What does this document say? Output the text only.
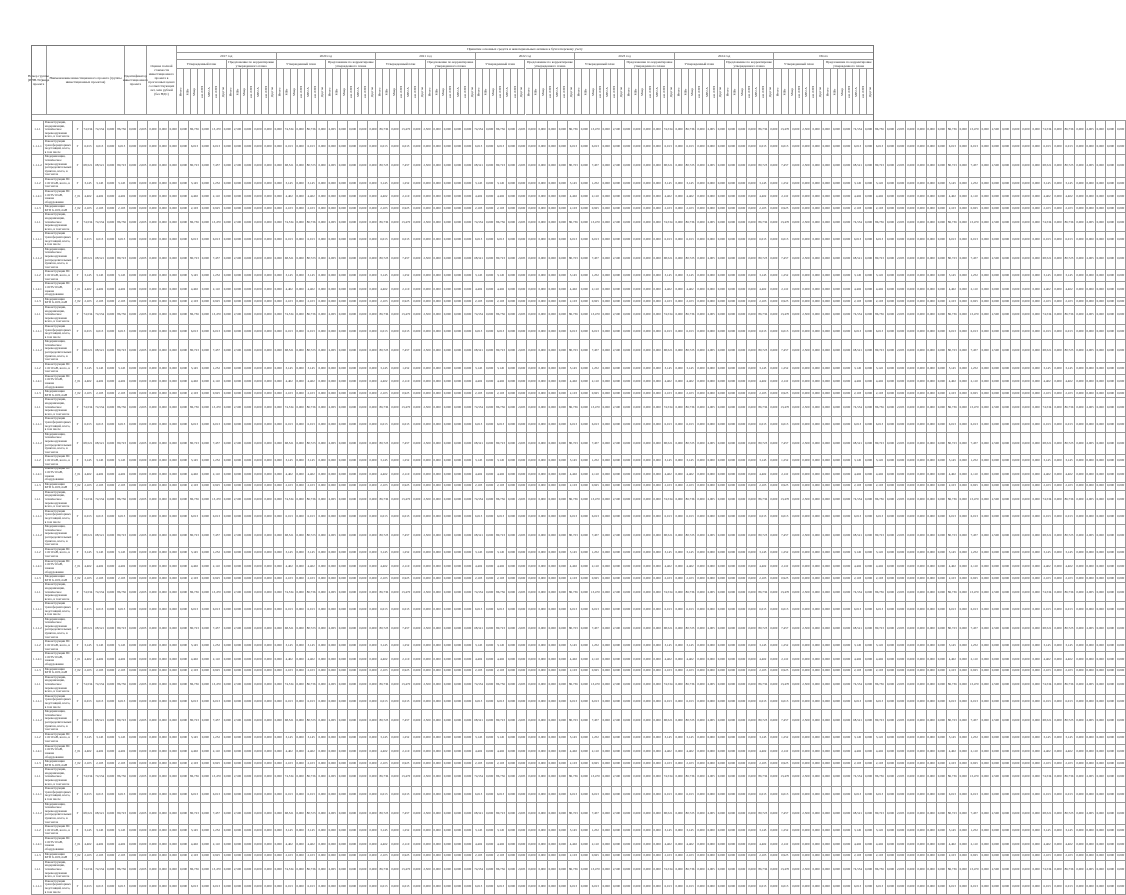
Номер группы (ИНВ.ТО)вида проекта
Наименование инвестиционного проекта (группы инвестиционных проектов)
Идентификатор инвестиционного проекта
Оценка полной стоимости инвестиционного проекта в прогнозных ценах соответствующих лет, млн рублей (без НДС)
Принятие основных средств и нематериальных активов к бухгалтерскому учету
2017 год
Утвержденный план	Предложение по корректировке утвержденного плана
Итого МВт Мвар км ЛЭП МВ×А км ЛЭП Другое Итого МВт Мвар км ЛЭП МВ×А км ЛЭП Другое
2020 год
Утвержденный план	Предложение по корректировке утвержденного плана
Итого МВт Мвар км ЛЭП МВ×А км ЛЭП Другое Итого МВт Мвар км ЛЭП МВ×А км ЛЭП Другое
2021 год
Утвержденный план	Предложение по корректировке утвержденного плана
Итого МВт Мвар км ЛЭП МВ×А км ЛЭП Другое Итого МВт Мвар км ЛЭП МВ×А км ЛЭП Другое
2022 год
Утвержденный план	Предложение по корректировке утвержденного плана
Итого МВт Мвар км ЛЭП МВ×А км ЛЭП Другое Итого МВт Мвар км ЛЭП МВ×А км ЛЭП Другое
2023 год
Утвержденный план	Предложение по корректировке утвержденного плана
Итого МВт Мвар км ЛЭП МВ×А км ЛЭП Другое Итого МВт Мвар км ЛЭП МВ×А км ЛЭП Другое
2024 год
Утвержденный план	Предложение по корректировке утвержденного плана
Итого МВт Мвар км ЛЭП МВ×А км ЛЭП Другое Итого МВт Мвар км ЛЭП МВ×А км ЛЭП Другое
Итого
Утвержденный план	Предложение по корректировке утвержденного плана
Итого МВт Мвар км ЛЭП МВ×А км ЛЭП Другое Итого МВт Мвар км ЛЭП МВ×А км ЛЭП Другое
1.1.1	Реконструкция, модернизация, техническое перевооружение всего, в том числе	Г	74,534	74,534	0,000	86,736	0,000	2,005	0,000	0,000	0,000	0,000	86,736	0,000	13,470	0,000	2,500	0,000	0,000	0,000	0,000	74,534	0,000	86,736	0,000	2,005	0,000	0,000	0,000	0,000	86,736	0,000	13,470	0,000	2,500	0,000	0,000	0,000	0,000	74,534	0,000	86,736	0,000	2,005	0,000	0,000	0,000	0,000	86,736	0,000	13,470	0,000	2,500	0,000	0,000	0,000	0,000	74,534	0,000	86,736	0,000	2,005	0,000	0,000	0,000	0,000	86,736	0,000	13,470	0,000	2,500	0,000	0,000	0,000	0,000	74,534	0,000	86,736	0,000	2,005	0,000	0,000	0,000	0,000	86,736	0,000	13,470	0,000	2,500	0,000	0,000	0,000	0,000	74,534	0,000	86,736	0,000	2,005	0,000	0,000	0,000
1.1.1.1	Реконструкция трансформаторных подстанций, всего, в том числе	Г	6,013	6,013	0,000	6,013	0,000	0,000	0,000	0,000	0,000	0,000	6,013	0,000	6,013	0,000	0,000	0,000	0,000	0,000	0,000	6,013	0,000	6,013	0,000	0,000	0,000	0,000	0,000	0,000	6,013	0,000	6,013	0,000	0,000	0,000	0,000	0,000	0,000	6,013	0,000	6,013	0,000	0,000	0,000	0,000	0,000	0,000	6,013	0,000	6,013	0,000	0,000	0,000	0,000	0,000	0,000	6,013	0,000	6,013	0,000	0,000	0,000	0,000	0,000	0,000	6,013	0,000	6,013	0,000	0,000	0,000	0,000	0,000	0,000	6,013	0,000	6,013	0,000	0,000	0,000	0,000	0,000	0,000	6,013	0,000	6,013	0,000	0,000	0,000	0,000	0,000	0,000	6,013	0,000	6,013	0,000	0,000	0,000	0,000	0,000
1.1.1.2	Модернизация, техническое перевооружение распределительных пунктов, всего, в том числе	Г	68,521	68,521	0,000	80,723	0,000	2,005	0,000	0,000	0,000	0,000	80,723	0,000	7,457	0,000	2,500	0,000	0,000	0,000	0,000	68,521	0,000	80,723	0,000	2,005	0,000	0,000	0,000	0,000	80,723	0,000	7,457	0,000	2,500	0,000	0,000	0,000	0,000	68,521	0,000	80,723	0,000	2,005	0,000	0,000	0,000	0,000	80,723	0,000	7,457	0,000	2,500	0,000	0,000	0,000	0,000	68,521	0,000	80,723	0,000	2,005	0,000	0,000	0,000	0,000	80,723	0,000	7,457	0,000	2,500	0,000	0,000	0,000	0,000	68,521	0,000	80,723	0,000	2,005	0,000	0,000	0,000	0,000	80,723	0,000	7,457	0,000	2,500	0,000	0,000	0,000	0,000	68,521	0,000	80,723	0,000	2,005	0,000	0,000	0,000
1.1.2	Реконструкция ПС 110/10 кВ, всего, в том числе	Г	3,145	3,145	0,000	3,145	0,000	0,000	0,000	0,000	0,000	0,000	3,145	0,000	1,252	0,000	0,000	0,000	0,000	0,000	0,000	3,145	0,000	3,145	0,000	0,000	0,000	0,000	0,000	0,000	3,145	0,000	1,252	0,000	0,000	0,000	0,000	0,000	0,000	3,145	0,000	3,145	0,000	0,000	0,000	0,000	0,000	0,000	3,145	0,000	1,252	0,000	0,000	0,000	0,000	0,000	0,000	3,145	0,000	3,145	0,000	0,000	0,000	0,000	0,000	0,000	3,145	0,000	1,252	0,000	0,000	0,000	0,000	0,000	0,000	3,145	0,000	3,145	0,000	0,000	0,000	0,000	0,000	0,000	3,145	0,000	1,252	0,000	0,000	0,000	0,000	0,000	0,000	3,145	0,000	3,145	0,000	0,000	0,000	0,000	0,000
1.1.2.1	Реконструкция ПС 110/35/10 кВ, замена оборудования	J_01	4,402	4,402	0,000	4,402	0,000	0,000	0,000	0,000	0,000	0,000	4,402	0,000	2,110	0,000	0,000	0,000	0,000	0,000	0,000	4,402	0,000	4,402	0,000	0,000	0,000	0,000	0,000	0,000	4,402	0,000	2,110	0,000	0,000	0,000	0,000	0,000	0,000	4,402	0,000	4,402	0,000	0,000	0,000	0,000	0,000	0,000	4,402	0,000	2,110	0,000	0,000	0,000	0,000	0,000	0,000	4,402	0,000	4,402	0,000	0,000	0,000	0,000	0,000	0,000	4,402	0,000	2,110	0,000	0,000	0,000	0,000	0,000	0,000	4,402	0,000	4,402	0,000	0,000	0,000	0,000	0,000	0,000	4,402	0,000	2,110	0,000	0,000	0,000	0,000	0,000	0,000	4,402	0,000	4,402	0,000	0,000	0,000	0,000	0,000
1.1.3	Модернизация КТП 6-10/0,4 кВ	J_02	2,103	2,103	0,000	2,103	0,000	0,000	0,000	0,000	0,000	0,000	2,103	0,000	0,925	0,000	0,000	0,000	0,000	0,000	0,000	2,103	0,000	2,103	0,000	0,000	0,000	0,000	0,000	0,000	2,103	0,000	0,925	0,000	0,000	0,000	0,000	0,000	0,000	2,103	0,000	2,103	0,000	0,000	0,000	0,000	0,000	0,000	2,103	0,000	0,925	0,000	0,000	0,000	0,000	0,000	0,000	2,103	0,000	2,103	0,000	0,000	0,000	0,000	0,000	0,000	2,103	0,000	0,925	0,000	0,000	0,000	0,000	0,000	0,000	2,103	0,000	2,103	0,000	0,000	0,000	0,000	0,000	0,000	2,103	0,000	0,925	0,000	0,000	0,000	0,000	0,000	0,000	2,103	0,000	2,103	0,000	0,000	0,000	0,000	0,000
1.1.1	Реконструкция, модернизация, техническое перевооружение всего, в том числе	Г	74,534	74,534	0,000	86,736	0,000	2,005	0,000	0,000	0,000	0,000	86,736	0,000	13,470	0,000	2,500	0,000	0,000	0,000	0,000	74,534	0,000	86,736	0,000	2,005	0,000	0,000	0,000	0,000	86,736	0,000	13,470	0,000	2,500	0,000	0,000	0,000	0,000	74,534	0,000	86,736	0,000	2,005	0,000	0,000	0,000	0,000	86,736	0,000	13,470	0,000	2,500	0,000	0,000	0,000	0,000	74,534	0,000	86,736	0,000	2,005	0,000	0,000	0,000	0,000	86,736	0,000	13,470	0,000	2,500	0,000	0,000	0,000	0,000	74,534	0,000	86,736	0,000	2,005	0,000	0,000	0,000	0,000	86,736	0,000	13,470	0,000	2,500	0,000	0,000	0,000	0,000	74,534	0,000	86,736	0,000	2,005	0,000	0,000	0,000
1.1.1.1	Реконструкция трансформаторных подстанций, всего, в том числе	Г	6,013	6,013	0,000	6,013	0,000	0,000	0,000	0,000	0,000	0,000	6,013	0,000	6,013	0,000	0,000	0,000	0,000	0,000	0,000	6,013	0,000	6,013	0,000	0,000	0,000	0,000	0,000	0,000	6,013	0,000	6,013	0,000	0,000	0,000	0,000	0,000	0,000	6,013	0,000	6,013	0,000	0,000	0,000	0,000	0,000	0,000	6,013	0,000	6,013	0,000	0,000	0,000	0,000	0,000	0,000	6,013	0,000	6,013	0,000	0,000	0,000	0,000	0,000	0,000	6,013	0,000	6,013	0,000	0,000	0,000	0,000	0,000	0,000	6,013	0,000	6,013	0,000	0,000	0,000	0,000	0,000	0,000	6,013	0,000	6,013	0,000	0,000	0,000	0,000	0,000	0,000	6,013	0,000	6,013	0,000	0,000	0,000	0,000	0,000
1.1.1.2	Модернизация, техническое перевооружение распределительных пунктов, всего, в том числе	Г	68,521	68,521	0,000	80,723	0,000	2,005	0,000	0,000	0,000	0,000	80,723	0,000	7,457	0,000	2,500	0,000	0,000	0,000	0,000	68,521	0,000	80,723	0,000	2,005	0,000	0,000	0,000	0,000	80,723	0,000	7,457	0,000	2,500	0,000	0,000	0,000	0,000	68,521	0,000	80,723	0,000	2,005	0,000	0,000	0,000	0,000	80,723	0,000	7,457	0,000	2,500	0,000	0,000	0,000	0,000	68,521	0,000	80,723	0,000	2,005	0,000	0,000	0,000	0,000	80,723	0,000	7,457	0,000	2,500	0,000	0,000	0,000	0,000	68,521	0,000	80,723	0,000	2,005	0,000	0,000	0,000	0,000	80,723	0,000	7,457	0,000	2,500	0,000	0,000	0,000	0,000	68,521	0,000	80,723	0,000	2,005	0,000	0,000	0,000
1.1.2	Реконструкция ПС 110/10 кВ, всего, в том числе	Г	3,145	3,145	0,000	3,145	0,000	0,000	0,000	0,000	0,000	0,000	3,145	0,000	1,252	0,000	0,000	0,000	0,000	0,000	0,000	3,145	0,000	3,145	0,000	0,000	0,000	0,000	0,000	0,000	3,145	0,000	1,252	0,000	0,000	0,000	0,000	0,000	0,000	3,145	0,000	3,145	0,000	0,000	0,000	0,000	0,000	0,000	3,145	0,000	1,252	0,000	0,000	0,000	0,000	0,000	0,000	3,145	0,000	3,145	0,000	0,000	0,000	0,000	0,000	0,000	3,145	0,000	1,252	0,000	0,000	0,000	0,000	0,000	0,000	3,145	0,000	3,145	0,000	0,000	0,000	0,000	0,000	0,000	3,145	0,000	1,252	0,000	0,000	0,000	0,000	0,000	0,000	3,145	0,000	3,145	0,000	0,000	0,000	0,000	0,000
1.1.2.1	Реконструкция ПС 110/35/10 кВ, замена оборудования	J_01	4,402	4,402	0,000	4,402	0,000	0,000	0,000	0,000	0,000	0,000	4,402	0,000	2,110	0,000	0,000	0,000	0,000	0,000	0,000	4,402	0,000	4,402	0,000	0,000	0,000	0,000	0,000	0,000	4,402	0,000	2,110	0,000	0,000	0,000	0,000	0,000	0,000	4,402	0,000	4,402	0,000	0,000	0,000	0,000	0,000	0,000	4,402	0,000	2,110	0,000	0,000	0,000	0,000	0,000	0,000	4,402	0,000	4,402	0,000	0,000	0,000	0,000	0,000	0,000	4,402	0,000	2,110	0,000	0,000	0,000	0,000	0,000	0,000	4,402	0,000	4,402	0,000	0,000	0,000	0,000	0,000	0,000	4,402	0,000	2,110	0,000	0,000	0,000	0,000	0,000	0,000	4,402	0,000	4,402	0,000	0,000	0,000	0,000	0,000
1.1.3	Модернизация КТП 6-10/0,4 кВ	J_02	2,103	2,103	0,000	2,103	0,000	0,000	0,000	0,000	0,000	0,000	2,103	0,000	0,925	0,000	0,000	0,000	0,000	0,000	0,000	2,103	0,000	2,103	0,000	0,000	0,000	0,000	0,000	0,000	2,103	0,000	0,925	0,000	0,000	0,000	0,000	0,000	0,000	2,103	0,000	2,103	0,000	0,000	0,000	0,000	0,000	0,000	2,103	0,000	0,925	0,000	0,000	0,000	0,000	0,000	0,000	2,103	0,000	2,103	0,000	0,000	0,000	0,000	0,000	0,000	2,103	0,000	0,925	0,000	0,000	0,000	0,000	0,000	0,000	2,103	0,000	2,103	0,000	0,000	0,000	0,000	0,000	0,000	2,103	0,000	0,925	0,000	0,000	0,000	0,000	0,000	0,000	2,103	0,000	2,103	0,000	0,000	0,000	0,000	0,000
1.1.1	Реконструкция, модернизация, техническое перевооружение всего, в том числе	Г	74,534	74,534	0,000	86,736	0,000	2,005	0,000	0,000	0,000	0,000	86,736	0,000	13,470	0,000	2,500	0,000	0,000	0,000	0,000	74,534	0,000	86,736	0,000	2,005	0,000	0,000	0,000	0,000	86,736	0,000	13,470	0,000	2,500	0,000	0,000	0,000	0,000	74,534	0,000	86,736	0,000	2,005	0,000	0,000	0,000	0,000	86,736	0,000	13,470	0,000	2,500	0,000	0,000	0,000	0,000	74,534	0,000	86,736	0,000	2,005	0,000	0,000	0,000	0,000	86,736	0,000	13,470	0,000	2,500	0,000	0,000	0,000	0,000	74,534	0,000	86,736	0,000	2,005	0,000	0,000	0,000	0,000	86,736	0,000	13,470	0,000	2,500	0,000	0,000	0,000	0,000	74,534	0,000	86,736	0,000	2,005	0,000	0,000	0,000
1.1.1.1	Реконструкция трансформаторных подстанций, всего, в том числе	Г	6,013	6,013	0,000	6,013	0,000	0,000	0,000	0,000	0,000	0,000	6,013	0,000	6,013	0,000	0,000	0,000	0,000	0,000	0,000	6,013	0,000	6,013	0,000	0,000	0,000	0,000	0,000	0,000	6,013	0,000	6,013	0,000	0,000	0,000	0,000	0,000	0,000	6,013	0,000	6,013	0,000	0,000	0,000	0,000	0,000	0,000	6,013	0,000	6,013	0,000	0,000	0,000	0,000	0,000	0,000	6,013	0,000	6,013	0,000	0,000	0,000	0,000	0,000	0,000	6,013	0,000	6,013	0,000	0,000	0,000	0,000	0,000	0,000	6,013	0,000	6,013	0,000	0,000	0,000	0,000	0,000	0,000	6,013	0,000	6,013	0,000	0,000	0,000	0,000	0,000	0,000	6,013	0,000	6,013	0,000	0,000	0,000	0,000	0,000
1.1.1.2	Модернизация, техническое перевооружение распределительных пунктов, всего, в том числе	Г	68,521	68,521	0,000	80,723	0,000	2,005	0,000	0,000	0,000	0,000	80,723	0,000	7,457	0,000	2,500	0,000	0,000	0,000	0,000	68,521	0,000	80,723	0,000	2,005	0,000	0,000	0,000	0,000	80,723	0,000	7,457	0,000	2,500	0,000	0,000	0,000	0,000	68,521	0,000	80,723	0,000	2,005	0,000	0,000	0,000	0,000	80,723	0,000	7,457	0,000	2,500	0,000	0,000	0,000	0,000	68,521	0,000	80,723	0,000	2,005	0,000	0,000	0,000	0,000	80,723	0,000	7,457	0,000	2,500	0,000	0,000	0,000	0,000	68,521	0,000	80,723	0,000	2,005	0,000	0,000	0,000	0,000	80,723	0,000	7,457	0,000	2,500	0,000	0,000	0,000	0,000	68,521	0,000	80,723	0,000	2,005	0,000	0,000	0,000
1.1.2	Реконструкция ПС 110/10 кВ, всего, в том числе	Г	3,145	3,145	0,000	3,145	0,000	0,000	0,000	0,000	0,000	0,000	3,145	0,000	1,252	0,000	0,000	0,000	0,000	0,000	0,000	3,145	0,000	3,145	0,000	0,000	0,000	0,000	0,000	0,000	3,145	0,000	1,252	0,000	0,000	0,000	0,000	0,000	0,000	3,145	0,000	3,145	0,000	0,000	0,000	0,000	0,000	0,000	3,145	0,000	1,252	0,000	0,000	0,000	0,000	0,000	0,000	3,145	0,000	3,145	0,000	0,000	0,000	0,000	0,000	0,000	3,145	0,000	1,252	0,000	0,000	0,000	0,000	0,000	0,000	3,145	0,000	3,145	0,000	0,000	0,000	0,000	0,000	0,000	3,145	0,000	1,252	0,000	0,000	0,000	0,000	0,000	0,000	3,145	0,000	3,145	0,000	0,000	0,000	0,000	0,000
1.1.2.1	Реконструкция ПС 110/35/10 кВ, замена оборудования	J_01	4,402	4,402	0,000	4,402	0,000	0,000	0,000	0,000	0,000	0,000	4,402	0,000	2,110	0,000	0,000	0,000	0,000	0,000	0,000	4,402	0,000	4,402	0,000	0,000	0,000	0,000	0,000	0,000	4,402	0,000	2,110	0,000	0,000	0,000	0,000	0,000	0,000	4,402	0,000	4,402	0,000	0,000	0,000	0,000	0,000	0,000	4,402	0,000	2,110	0,000	0,000	0,000	0,000	0,000	0,000	4,402	0,000	4,402	0,000	0,000	0,000	0,000	0,000	0,000	4,402	0,000	2,110	0,000	0,000	0,000	0,000	0,000	0,000	4,402	0,000	4,402	0,000	0,000	0,000	0,000	0,000	0,000	4,402	0,000	2,110	0,000	0,000	0,000	0,000	0,000	0,000	4,402	0,000	4,402	0,000	0,000	0,000	0,000	0,000
1.1.3	Модернизация КТП 6-10/0,4 кВ	J_02	2,103	2,103	0,000	2,103	0,000	0,000	0,000	0,000	0,000	0,000	2,103	0,000	0,925	0,000	0,000	0,000	0,000	0,000	0,000	2,103	0,000	2,103	0,000	0,000	0,000	0,000	0,000	0,000	2,103	0,000	0,925	0,000	0,000	0,000	0,000	0,000	0,000	2,103	0,000	2,103	0,000	0,000	0,000	0,000	0,000	0,000	2,103	0,000	0,925	0,000	0,000	0,000	0,000	0,000	0,000	2,103	0,000	2,103	0,000	0,000	0,000	0,000	0,000	0,000	2,103	0,000	0,925	0,000	0,000	0,000	0,000	0,000	0,000	2,103	0,000	2,103	0,000	0,000	0,000	0,000	0,000	0,000	2,103	0,000	0,925	0,000	0,000	0,000	0,000	0,000	0,000	2,103	0,000	2,103	0,000	0,000	0,000	0,000	0,000
1.1.1	Реконструкция, модернизация, техническое перевооружение всего, в том числе	Г	74,534	74,534	0,000	86,736	0,000	2,005	0,000	0,000	0,000	0,000	86,736	0,000	13,470	0,000	2,500	0,000	0,000	0,000	0,000	74,534	0,000	86,736	0,000	2,005	0,000	0,000	0,000	0,000	86,736	0,000	13,470	0,000	2,500	0,000	0,000	0,000	0,000	74,534	0,000	86,736	0,000	2,005	0,000	0,000	0,000	0,000	86,736	0,000	13,470	0,000	2,500	0,000	0,000	0,000	0,000	74,534	0,000	86,736	0,000	2,005	0,000	0,000	0,000	0,000	86,736	0,000	13,470	0,000	2,500	0,000	0,000	0,000	0,000	74,534	0,000	86,736	0,000	2,005	0,000	0,000	0,000	0,000	86,736	0,000	13,470	0,000	2,500	0,000	0,000	0,000	0,000	74,534	0,000	86,736	0,000	2,005	0,000	0,000	0,000
1.1.1.1	Реконструкция трансформаторных подстанций, всего, в том числе	Г	6,013	6,013	0,000	6,013	0,000	0,000	0,000	0,000	0,000	0,000	6,013	0,000	6,013	0,000	0,000	0,000	0,000	0,000	0,000	6,013	0,000	6,013	0,000	0,000	0,000	0,000	0,000	0,000	6,013	0,000	6,013	0,000	0,000	0,000	0,000	0,000	0,000	6,013	0,000	6,013	0,000	0,000	0,000	0,000	0,000	0,000	6,013	0,000	6,013	0,000	0,000	0,000	0,000	0,000	0,000	6,013	0,000	6,013	0,000	0,000	0,000	0,000	0,000	0,000	6,013	0,000	6,013	0,000	0,000	0,000	0,000	0,000	0,000	6,013	0,000	6,013	0,000	0,000	0,000	0,000	0,000	0,000	6,013	0,000	6,013	0,000	0,000	0,000	0,000	0,000	0,000	6,013	0,000	6,013	0,000	0,000	0,000	0,000	0,000
1.1.1.2	Модернизация, техническое перевооружение распределительных пунктов, всего, в том числе	Г	68,521	68,521	0,000	80,723	0,000	2,005	0,000	0,000	0,000	0,000	80,723	0,000	7,457	0,000	2,500	0,000	0,000	0,000	0,000	68,521	0,000	80,723	0,000	2,005	0,000	0,000	0,000	0,000	80,723	0,000	7,457	0,000	2,500	0,000	0,000	0,000	0,000	68,521	0,000	80,723	0,000	2,005	0,000	0,000	0,000	0,000	80,723	0,000	7,457	0,000	2,500	0,000	0,000	0,000	0,000	68,521	0,000	80,723	0,000	2,005	0,000	0,000	0,000	0,000	80,723	0,000	7,457	0,000	2,500	0,000	0,000	0,000	0,000	68,521	0,000	80,723	0,000	2,005	0,000	0,000	0,000	0,000	80,723	0,000	7,457	0,000	2,500	0,000	0,000	0,000	0,000	68,521	0,000	80,723	0,000	2,005	0,000	0,000	0,000
1.1.2	Реконструкция ПС 110/10 кВ, всего, в том числе	Г	3,145	3,145	0,000	3,145	0,000	0,000	0,000	0,000	0,000	0,000	3,145	0,000	1,252	0,000	0,000	0,000	0,000	0,000	0,000	3,145	0,000	3,145	0,000	0,000	0,000	0,000	0,000	0,000	3,145	0,000	1,252	0,000	0,000	0,000	0,000	0,000	0,000	3,145	0,000	3,145	0,000	0,000	0,000	0,000	0,000	0,000	3,145	0,000	1,252	0,000	0,000	0,000	0,000	0,000	0,000	3,145	0,000	3,145	0,000	0,000	0,000	0,000	0,000	0,000	3,145	0,000	1,252	0,000	0,000	0,000	0,000	0,000	0,000	3,145	0,000	3,145	0,000	0,000	0,000	0,000	0,000	0,000	3,145	0,000	1,252	0,000	0,000	0,000	0,000	0,000	0,000	3,145	0,000	3,145	0,000	0,000	0,000	0,000	0,000
1.1.2.1	Реконструкция ПС 110/35/10 кВ, замена оборудования	J_01	4,402	4,402	0,000	4,402	0,000	0,000	0,000	0,000	0,000	0,000	4,402	0,000	2,110	0,000	0,000	0,000	0,000	0,000	0,000	4,402	0,000	4,402	0,000	0,000	0,000	0,000	0,000	0,000	4,402	0,000	2,110	0,000	0,000	0,000	0,000	0,000	0,000	4,402	0,000	4,402	0,000	0,000	0,000	0,000	0,000	0,000	4,402	0,000	2,110	0,000	0,000	0,000	0,000	0,000	0,000	4,402	0,000	4,402	0,000	0,000	0,000	0,000	0,000	0,000	4,402	0,000	2,110	0,000	0,000	0,000	0,000	0,000	0,000	4,402	0,000	4,402	0,000	0,000	0,000	0,000	0,000	0,000	4,402	0,000	2,110	0,000	0,000	0,000	0,000	0,000	0,000	4,402	0,000	4,402	0,000	0,000	0,000	0,000	0,000
1.1.3	Модернизация КТП 6-10/0,4 кВ	J_02	2,103	2,103	0,000	2,103	0,000	0,000	0,000	0,000	0,000	0,000	2,103	0,000	0,925	0,000	0,000	0,000	0,000	0,000	0,000	2,103	0,000	2,103	0,000	0,000	0,000	0,000	0,000	0,000	2,103	0,000	0,925	0,000	0,000	0,000	0,000	0,000	0,000	2,103	0,000	2,103	0,000	0,000	0,000	0,000	0,000	0,000	2,103	0,000	0,925	0,000	0,000	0,000	0,000	0,000	0,000	2,103	0,000	2,103	0,000	0,000	0,000	0,000	0,000	0,000	2,103	0,000	0,925	0,000	0,000	0,000	0,000	0,000	0,000	2,103	0,000	2,103	0,000	0,000	0,000	0,000	0,000	0,000	2,103	0,000	0,925	0,000	0,000	0,000	0,000	0,000	0,000	2,103	0,000	2,103	0,000	0,000	0,000	0,000	0,000
1.1.1	Реконструкция, модернизация, техническое перевооружение всего, в том числе	Г	74,534	74,534	0,000	86,736	0,000	2,005	0,000	0,000	0,000	0,000	86,736	0,000	13,470	0,000	2,500	0,000	0,000	0,000	0,000	74,534	0,000	86,736	0,000	2,005	0,000	0,000	0,000	0,000	86,736	0,000	13,470	0,000	2,500	0,000	0,000	0,000	0,000	74,534	0,000	86,736	0,000	2,005	0,000	0,000	0,000	0,000	86,736	0,000	13,470	0,000	2,500	0,000	0,000	0,000	0,000	74,534	0,000	86,736	0,000	2,005	0,000	0,000	0,000	0,000	86,736	0,000	13,470	0,000	2,500	0,000	0,000	0,000	0,000	74,534	0,000	86,736	0,000	2,005	0,000	0,000	0,000	0,000	86,736	0,000	13,470	0,000	2,500	0,000	0,000	0,000	0,000	74,534	0,000	86,736	0,000	2,005	0,000	0,000	0,000
1.1.1.1	Реконструкция трансформаторных подстанций, всего, в том числе	Г	6,013	6,013	0,000	6,013	0,000	0,000	0,000	0,000	0,000	0,000	6,013	0,000	6,013	0,000	0,000	0,000	0,000	0,000	0,000	6,013	0,000	6,013	0,000	0,000	0,000	0,000	0,000	0,000	6,013	0,000	6,013	0,000	0,000	0,000	0,000	0,000	0,000	6,013	0,000	6,013	0,000	0,000	0,000	0,000	0,000	0,000	6,013	0,000	6,013	0,000	0,000	0,000	0,000	0,000	0,000	6,013	0,000	6,013	0,000	0,000	0,000	0,000	0,000	0,000	6,013	0,000	6,013	0,000	0,000	0,000	0,000	0,000	0,000	6,013	0,000	6,013	0,000	0,000	0,000	0,000	0,000	0,000	6,013	0,000	6,013	0,000	0,000	0,000	0,000	0,000	0,000	6,013	0,000	6,013	0,000	0,000	0,000	0,000	0,000
1.1.1.2	Модернизация, техническое перевооружение распределительных пунктов, всего, в том числе	Г	68,521	68,521	0,000	80,723	0,000	2,005	0,000	0,000	0,000	0,000	80,723	0,000	7,457	0,000	2,500	0,000	0,000	0,000	0,000	68,521	0,000	80,723	0,000	2,005	0,000	0,000	0,000	0,000	80,723	0,000	7,457	0,000	2,500	0,000	0,000	0,000	0,000	68,521	0,000	80,723	0,000	2,005	0,000	0,000	0,000	0,000	80,723	0,000	7,457	0,000	2,500	0,000	0,000	0,000	0,000	68,521	0,000	80,723	0,000	2,005	0,000	0,000	0,000	0,000	80,723	0,000	7,457	0,000	2,500	0,000	0,000	0,000	0,000	68,521	0,000	80,723	0,000	2,005	0,000	0,000	0,000	0,000	80,723	0,000	7,457	0,000	2,500	0,000	0,000	0,000	0,000	68,521	0,000	80,723	0,000	2,005	0,000	0,000	0,000
1.1.2	Реконструкция ПС 110/10 кВ, всего, в том числе	Г	3,145	3,145	0,000	3,145	0,000	0,000	0,000	0,000	0,000	0,000	3,145	0,000	1,252	0,000	0,000	0,000	0,000	0,000	0,000	3,145	0,000	3,145	0,000	0,000	0,000	0,000	0,000	0,000	3,145	0,000	1,252	0,000	0,000	0,000	0,000	0,000	0,000	3,145	0,000	3,145	0,000	0,000	0,000	0,000	0,000	0,000	3,145	0,000	1,252	0,000	0,000	0,000	0,000	0,000	0,000	3,145	0,000	3,145	0,000	0,000	0,000	0,000	0,000	0,000	3,145	0,000	1,252	0,000	0,000	0,000	0,000	0,000	0,000	3,145	0,000	3,145	0,000	0,000	0,000	0,000	0,000	0,000	3,145	0,000	1,252	0,000	0,000	0,000	0,000	0,000	0,000	3,145	0,000	3,145	0,000	0,000	0,000	0,000	0,000
1.1.2.1	Реконструкция ПС 110/35/10 кВ, замена оборудования	J_01	4,402	4,402	0,000	4,402	0,000	0,000	0,000	0,000	0,000	0,000	4,402	0,000	2,110	0,000	0,000	0,000	0,000	0,000	0,000	4,402	0,000	4,402	0,000	0,000	0,000	0,000	0,000	0,000	4,402	0,000	2,110	0,000	0,000	0,000	0,000	0,000	0,000	4,402	0,000	4,402	0,000	0,000	0,000	0,000	0,000	0,000	4,402	0,000	2,110	0,000	0,000	0,000	0,000	0,000	0,000	4,402	0,000	4,402	0,000	0,000	0,000	0,000	0,000	0,000	4,402	0,000	2,110	0,000	0,000	0,000	0,000	0,000	0,000	4,402	0,000	4,402	0,000	0,000	0,000	0,000	0,000	0,000	4,402	0,000	2,110	0,000	0,000	0,000	0,000	0,000	0,000	4,402	0,000	4,402	0,000	0,000	0,000	0,000	0,000
1.1.3	Модернизация КТП 6-10/0,4 кВ	J_02	2,103	2,103	0,000	2,103	0,000	0,000	0,000	0,000	0,000	0,000	2,103	0,000	0,925	0,000	0,000	0,000	0,000	0,000	0,000	2,103	0,000	2,103	0,000	0,000	0,000	0,000	0,000	0,000	2,103	0,000	0,925	0,000	0,000	0,000	0,000	0,000	0,000	2,103	0,000	2,103	0,000	0,000	0,000	0,000	0,000	0,000	2,103	0,000	0,925	0,000	0,000	0,000	0,000	0,000	0,000	2,103	0,000	2,103	0,000	0,000	0,000	0,000	0,000	0,000	2,103	0,000	0,925	0,000	0,000	0,000	0,000	0,000	0,000	2,103	0,000	2,103	0,000	0,000	0,000	0,000	0,000	0,000	2,103	0,000	0,925	0,000	0,000	0,000	0,000	0,000	0,000	2,103	0,000	2,103	0,000	0,000	0,000	0,000	0,000
1.1.1	Реконструкция, модернизация, техническое перевооружение всего, в том числе	Г	74,534	74,534	0,000	86,736	0,000	2,005	0,000	0,000	0,000	0,000	86,736	0,000	13,470	0,000	2,500	0,000	0,000	0,000	0,000	74,534	0,000	86,736	0,000	2,005	0,000	0,000	0,000	0,000	86,736	0,000	13,470	0,000	2,500	0,000	0,000	0,000	0,000	74,534	0,000	86,736	0,000	2,005	0,000	0,000	0,000	0,000	86,736	0,000	13,470	0,000	2,500	0,000	0,000	0,000	0,000	74,534	0,000	86,736	0,000	2,005	0,000	0,000	0,000	0,000	86,736	0,000	13,470	0,000	2,500	0,000	0,000	0,000	0,000	74,534	0,000	86,736	0,000	2,005	0,000	0,000	0,000	0,000	86,736	0,000	13,470	0,000	2,500	0,000	0,000	0,000	0,000	74,534	0,000	86,736	0,000	2,005	0,000	0,000	0,000
1.1.1.1	Реконструкция трансформаторных подстанций, всего, в том числе	Г	6,013	6,013	0,000	6,013	0,000	0,000	0,000	0,000	0,000	0,000	6,013	0,000	6,013	0,000	0,000	0,000	0,000	0,000	0,000	6,013	0,000	6,013	0,000	0,000	0,000	0,000	0,000	0,000	6,013	0,000	6,013	0,000	0,000	0,000	0,000	0,000	0,000	6,013	0,000	6,013	0,000	0,000	0,000	0,000	0,000	0,000	6,013	0,000	6,013	0,000	0,000	0,000	0,000	0,000	0,000	6,013	0,000	6,013	0,000	0,000	0,000	0,000	0,000	0,000	6,013	0,000	6,013	0,000	0,000	0,000	0,000	0,000	0,000	6,013	0,000	6,013	0,000	0,000	0,000	0,000	0,000	0,000	6,013	0,000	6,013	0,000	0,000	0,000	0,000	0,000	0,000	6,013	0,000	6,013	0,000	0,000	0,000	0,000	0,000
1.1.1.2	Модернизация, техническое перевооружение распределительных пунктов, всего, в том числе	Г	68,521	68,521	0,000	80,723	0,000	2,005	0,000	0,000	0,000	0,000	80,723	0,000	7,457	0,000	2,500	0,000	0,000	0,000	0,000	68,521	0,000	80,723	0,000	2,005	0,000	0,000	0,000	0,000	80,723	0,000	7,457	0,000	2,500	0,000	0,000	0,000	0,000	68,521	0,000	80,723	0,000	2,005	0,000	0,000	0,000	0,000	80,723	0,000	7,457	0,000	2,500	0,000	0,000	0,000	0,000	68,521	0,000	80,723	0,000	2,005	0,000	0,000	0,000	0,000	80,723	0,000	7,457	0,000	2,500	0,000	0,000	0,000	0,000	68,521	0,000	80,723	0,000	2,005	0,000	0,000	0,000	0,000	80,723	0,000	7,457	0,000	2,500	0,000	0,000	0,000	0,000	68,521	0,000	80,723	0,000	2,005	0,000	0,000	0,000
1.1.2	Реконструкция ПС 110/10 кВ, всего, в том числе	Г	3,145	3,145	0,000	3,145	0,000	0,000	0,000	0,000	0,000	0,000	3,145	0,000	1,252	0,000	0,000	0,000	0,000	0,000	0,000	3,145	0,000	3,145	0,000	0,000	0,000	0,000	0,000	0,000	3,145	0,000	1,252	0,000	0,000	0,000	0,000	0,000	0,000	3,145	0,000	3,145	0,000	0,000	0,000	0,000	0,000	0,000	3,145	0,000	1,252	0,000	0,000	0,000	0,000	0,000	0,000	3,145	0,000	3,145	0,000	0,000	0,000	0,000	0,000	0,000	3,145	0,000	1,252	0,000	0,000	0,000	0,000	0,000	0,000	3,145	0,000	3,145	0,000	0,000	0,000	0,000	0,000	0,000	3,145	0,000	1,252	0,000	0,000	0,000	0,000	0,000	0,000	3,145	0,000	3,145	0,000	0,000	0,000	0,000	0,000
1.1.2.1	Реконструкция ПС 110/35/10 кВ, замена оборудования	J_01	4,402	4,402	0,000	4,402	0,000	0,000	0,000	0,000	0,000	0,000	4,402	0,000	2,110	0,000	0,000	0,000	0,000	0,000	0,000	4,402	0,000	4,402	0,000	0,000	0,000	0,000	0,000	0,000	4,402	0,000	2,110	0,000	0,000	0,000	0,000	0,000	0,000	4,402	0,000	4,402	0,000	0,000	0,000	0,000	0,000	0,000	4,402	0,000	2,110	0,000	0,000	0,000	0,000	0,000	0,000	4,402	0,000	4,402	0,000	0,000	0,000	0,000	0,000	0,000	4,402	0,000	2,110	0,000	0,000	0,000	0,000	0,000	0,000	4,402	0,000	4,402	0,000	0,000	0,000	0,000	0,000	0,000	4,402	0,000	2,110	0,000	0,000	0,000	0,000	0,000	0,000	4,402	0,000	4,402	0,000	0,000	0,000	0,000	0,000
1.1.3	Модернизация КТП 6-10/0,4 кВ	J_02	2,103	2,103	0,000	2,103	0,000	0,000	0,000	0,000	0,000	0,000	2,103	0,000	0,925	0,000	0,000	0,000	0,000	0,000	0,000	2,103	0,000	2,103	0,000	0,000	0,000	0,000	0,000	0,000	2,103	0,000	0,925	0,000	0,000	0,000	0,000	0,000	0,000	2,103	0,000	2,103	0,000	0,000	0,000	0,000	0,000	0,000	2,103	0,000	0,925	0,000	0,000	0,000	0,000	0,000	0,000	2,103	0,000	2,103	0,000	0,000	0,000	0,000	0,000	0,000	2,103	0,000	0,925	0,000	0,000	0,000	0,000	0,000	0,000	2,103	0,000	2,103	0,000	0,000	0,000	0,000	0,000	0,000	2,103	0,000	0,925	0,000	0,000	0,000	0,000	0,000	0,000	2,103	0,000	2,103	0,000	0,000	0,000	0,000	0,000
1.1.1	Реконструкция, модернизация, техническое перевооружение всего, в том числе	Г	74,534	74,534	0,000	86,736	0,000	2,005	0,000	0,000	0,000	0,000	86,736	0,000	13,470	0,000	2,500	0,000	0,000	0,000	0,000	74,534	0,000	86,736	0,000	2,005	0,000	0,000	0,000	0,000	86,736	0,000	13,470	0,000	2,500	0,000	0,000	0,000	0,000	74,534	0,000	86,736	0,000	2,005	0,000	0,000	0,000	0,000	86,736	0,000	13,470	0,000	2,500	0,000	0,000	0,000	0,000	74,534	0,000	86,736	0,000	2,005	0,000	0,000	0,000	0,000	86,736	0,000	13,470	0,000	2,500	0,000	0,000	0,000	0,000	74,534	0,000	86,736	0,000	2,005	0,000	0,000	0,000	0,000	86,736	0,000	13,470	0,000	2,500	0,000	0,000	0,000	0,000	74,534	0,000	86,736	0,000	2,005	0,000	0,000	0,000
1.1.1.1	Реконструкция трансформаторных подстанций, всего, в том числе	Г	6,013	6,013	0,000	6,013	0,000	0,000	0,000	0,000	0,000	0,000	6,013	0,000	6,013	0,000	0,000	0,000	0,000	0,000	0,000	6,013	0,000	6,013	0,000	0,000	0,000	0,000	0,000	0,000	6,013	0,000	6,013	0,000	0,000	0,000	0,000	0,000	0,000	6,013	0,000	6,013	0,000	0,000	0,000	0,000	0,000	0,000	6,013	0,000	6,013	0,000	0,000	0,000	0,000	0,000	0,000	6,013	0,000	6,013	0,000	0,000	0,000	0,000	0,000	0,000	6,013	0,000	6,013	0,000	0,000	0,000	0,000	0,000	0,000	6,013	0,000	6,013	0,000	0,000	0,000	0,000	0,000	0,000	6,013	0,000	6,013	0,000	0,000	0,000	0,000	0,000	0,000	6,013	0,000	6,013	0,000	0,000	0,000	0,000	0,000
1.1.1.2	Модернизация, техническое перевооружение распределительных пунктов, всего, в том числе	Г	68,521	68,521	0,000	80,723	0,000	2,005	0,000	0,000	0,000	0,000	80,723	0,000	7,457	0,000	2,500	0,000	0,000	0,000	0,000	68,521	0,000	80,723	0,000	2,005	0,000	0,000	0,000	0,000	80,723	0,000	7,457	0,000	2,500	0,000	0,000	0,000	0,000	68,521	0,000	80,723	0,000	2,005	0,000	0,000	0,000	0,000	80,723	0,000	7,457	0,000	2,500	0,000	0,000	0,000	0,000	68,521	0,000	80,723	0,000	2,005	0,000	0,000	0,000	0,000	80,723	0,000	7,457	0,000	2,500	0,000	0,000	0,000	0,000	68,521	0,000	80,723	0,000	2,005	0,000	0,000	0,000	0,000	80,723	0,000	7,457	0,000	2,500	0,000	0,000	0,000	0,000	68,521	0,000	80,723	0,000	2,005	0,000	0,000	0,000
1.1.2	Реконструкция ПС 110/10 кВ, всего, в том числе	Г	3,145	3,145	0,000	3,145	0,000	0,000	0,000	0,000	0,000	0,000	3,145	0,000	1,252	0,000	0,000	0,000	0,000	0,000	0,000	3,145	0,000	3,145	0,000	0,000	0,000	0,000	0,000	0,000	3,145	0,000	1,252	0,000	0,000	0,000	0,000	0,000	0,000	3,145	0,000	3,145	0,000	0,000	0,000	0,000	0,000	0,000	3,145	0,000	1,252	0,000	0,000	0,000	0,000	0,000	0,000	3,145	0,000	3,145	0,000	0,000	0,000	0,000	0,000	0,000	3,145	0,000	1,252	0,000	0,000	0,000	0,000	0,000	0,000	3,145	0,000	3,145	0,000	0,000	0,000	0,000	0,000	0,000	3,145	0,000	1,252	0,000	0,000	0,000	0,000	0,000	0,000	3,145	0,000	3,145	0,000	0,000	0,000	0,000	0,000
1.1.2.1	Реконструкция ПС 110/35/10 кВ, замена оборудования	J_01	4,402	4,402	0,000	4,402	0,000	0,000	0,000	0,000	0,000	0,000	4,402	0,000	2,110	0,000	0,000	0,000	0,000	0,000	0,000	4,402	0,000	4,402	0,000	0,000	0,000	0,000	0,000	0,000	4,402	0,000	2,110	0,000	0,000	0,000	0,000	0,000	0,000	4,402	0,000	4,402	0,000	0,000	0,000	0,000	0,000	0,000	4,402	0,000	2,110	0,000	0,000	0,000	0,000	0,000	0,000	4,402	0,000	4,402	0,000	0,000	0,000	0,000	0,000	0,000	4,402	0,000	2,110	0,000	0,000	0,000	0,000	0,000	0,000	4,402	0,000	4,402	0,000	0,000	0,000	0,000	0,000	0,000	4,402	0,000	2,110	0,000	0,000	0,000	0,000	0,000	0,000	4,402	0,000	4,402	0,000	0,000	0,000	0,000	0,000
1.1.3	Модернизация КТП 6-10/0,4 кВ	J_02	2,103	2,103	0,000	2,103	0,000	0,000	0,000	0,000	0,000	0,000	2,103	0,000	0,925	0,000	0,000	0,000	0,000	0,000	0,000	2,103	0,000	2,103	0,000	0,000	0,000	0,000	0,000	0,000	2,103	0,000	0,925	0,000	0,000	0,000	0,000	0,000	0,000	2,103	0,000	2,103	0,000	0,000	0,000	0,000	0,000	0,000	2,103	0,000	0,925	0,000	0,000	0,000	0,000	0,000	0,000	2,103	0,000	2,103	0,000	0,000	0,000	0,000	0,000	0,000	2,103	0,000	0,925	0,000	0,000	0,000	0,000	0,000	0,000	2,103	0,000	2,103	0,000	0,000	0,000	0,000	0,000	0,000	2,103	0,000	0,925	0,000	0,000	0,000	0,000	0,000	0,000	2,103	0,000	2,103	0,000	0,000	0,000	0,000	0,000
1.1.1	Реконструкция, модернизация, техническое перевооружение всего, в том числе	Г	74,534	74,534	0,000	86,736	0,000	2,005	0,000	0,000	0,000	0,000	86,736	0,000	13,470	0,000	2,500	0,000	0,000	0,000	0,000	74,534	0,000	86,736	0,000	2,005	0,000	0,000	0,000	0,000	86,736	0,000	13,470	0,000	2,500	0,000	0,000	0,000	0,000	74,534	0,000	86,736	0,000	2,005	0,000	0,000	0,000	0,000	86,736	0,000	13,470	0,000	2,500	0,000	0,000	0,000	0,000	74,534	0,000	86,736	0,000	2,005	0,000	0,000	0,000	0,000	86,736	0,000	13,470	0,000	2,500	0,000	0,000	0,000	0,000	74,534	0,000	86,736	0,000	2,005	0,000	0,000	0,000	0,000	86,736	0,000	13,470	0,000	2,500	0,000	0,000	0,000	0,000	74,534	0,000	86,736	0,000	2,005	0,000	0,000	0,000
1.1.1.1	Реконструкция трансформаторных подстанций, всего, в том числе	Г	6,013	6,013	0,000	6,013	0,000	0,000	0,000	0,000	0,000	0,000	6,013	0,000	6,013	0,000	0,000	0,000	0,000	0,000	0,000	6,013	0,000	6,013	0,000	0,000	0,000	0,000	0,000	0,000	6,013	0,000	6,013	0,000	0,000	0,000	0,000	0,000	0,000	6,013	0,000	6,013	0,000	0,000	0,000	0,000	0,000	0,000	6,013	0,000	6,013	0,000	0,000	0,000	0,000	0,000	0,000	6,013	0,000	6,013	0,000	0,000	0,000	0,000	0,000	0,000	6,013	0,000	6,013	0,000	0,000	0,000	0,000	0,000	0,000	6,013	0,000	6,013	0,000	0,000	0,000	0,000	0,000	0,000	6,013	0,000	6,013	0,000	0,000	0,000	0,000	0,000	0,000	6,013	0,000	6,013	0,000	0,000	0,000	0,000	0,000
1.1.1.2	Модернизация, техническое перевооружение распределительных пунктов, всего, в том числе	Г	68,521	68,521	0,000	80,723	0,000	2,005	0,000	0,000	0,000	0,000	80,723	0,000	7,457	0,000	2,500	0,000	0,000	0,000	0,000	68,521	0,000	80,723	0,000	2,005	0,000	0,000	0,000	0,000	80,723	0,000	7,457	0,000	2,500	0,000	0,000	0,000	0,000	68,521	0,000	80,723	0,000	2,005	0,000	0,000	0,000	0,000	80,723	0,000	7,457	0,000	2,500	0,000	0,000	0,000	0,000	68,521	0,000	80,723	0,000	2,005	0,000	0,000	0,000	0,000	80,723	0,000	7,457	0,000	2,500	0,000	0,000	0,000	0,000	68,521	0,000	80,723	0,000	2,005	0,000	0,000	0,000	0,000	80,723	0,000	7,457	0,000	2,500	0,000	0,000	0,000	0,000	68,521	0,000	80,723	0,000	2,005	0,000	0,000	0,000
1.1.2	Реконструкция ПС 110/10 кВ, всего, в том числе	Г	3,145	3,145	0,000	3,145	0,000	0,000	0,000	0,000	0,000	0,000	3,145	0,000	1,252	0,000	0,000	0,000	0,000	0,000	0,000	3,145	0,000	3,145	0,000	0,000	0,000	0,000	0,000	0,000	3,145	0,000	1,252	0,000	0,000	0,000	0,000	0,000	0,000	3,145	0,000	3,145	0,000	0,000	0,000	0,000	0,000	0,000	3,145	0,000	1,252	0,000	0,000	0,000	0,000	0,000	0,000	3,145	0,000	3,145	0,000	0,000	0,000	0,000	0,000	0,000	3,145	0,000	1,252	0,000	0,000	0,000	0,000	0,000	0,000	3,145	0,000	3,145	0,000	0,000	0,000	0,000	0,000	0,000	3,145	0,000	1,252	0,000	0,000	0,000	0,000	0,000	0,000	3,145	0,000	3,145	0,000	0,000	0,000	0,000	0,000
1.1.2.1	Реконструкция ПС 110/35/10 кВ, замена оборудования	J_01	4,402	4,402	0,000	4,402	0,000	0,000	0,000	0,000	0,000	0,000	4,402	0,000	2,110	0,000	0,000	0,000	0,000	0,000	0,000	4,402	0,000	4,402	0,000	0,000	0,000	0,000	0,000	0,000	4,402	0,000	2,110	0,000	0,000	0,000	0,000	0,000	0,000	4,402	0,000	4,402	0,000	0,000	0,000	0,000	0,000	0,000	4,402	0,000	2,110	0,000	0,000	0,000	0,000	0,000	0,000	4,402	0,000	4,402	0,000	0,000	0,000	0,000	0,000	0,000	4,402	0,000	2,110	0,000	0,000	0,000	0,000	0,000	0,000	4,402	0,000	4,402	0,000	0,000	0,000	0,000	0,000	0,000	4,402	0,000	2,110	0,000	0,000	0,000	0,000	0,000	0,000	4,402	0,000	4,402	0,000	0,000	0,000	0,000	0,000
1.1.3	Модернизация КТП 6-10/0,4 кВ	J_02	2,103	2,103	0,000	2,103	0,000	0,000	0,000	0,000	0,000	0,000	2,103	0,000	0,925	0,000	0,000	0,000	0,000	0,000	0,000	2,103	0,000	2,103	0,000	0,000	0,000	0,000	0,000	0,000	2,103	0,000	0,925	0,000	0,000	0,000	0,000	0,000	0,000	2,103	0,000	2,103	0,000	0,000	0,000	0,000	0,000	0,000	2,103	0,000	0,925	0,000	0,000	0,000	0,000	0,000	0,000	2,103	0,000	2,103	0,000	0,000	0,000	0,000	0,000	0,000	2,103	0,000	0,925	0,000	0,000	0,000	0,000	0,000	0,000	2,103	0,000	2,103	0,000	0,000	0,000	0,000	0,000	0,000	2,103	0,000	0,925	0,000	0,000	0,000	0,000	0,000	0,000	2,103	0,000	2,103	0,000	0,000	0,000	0,000	0,000
1.1.1	Реконструкция, модернизация, техническое перевооружение всего, в том числе	Г	74,534	74,534	0,000	86,736	0,000	2,005	0,000	0,000	0,000	0,000	86,736	0,000	13,470	0,000	2,500	0,000	0,000	0,000	0,000	74,534	0,000	86,736	0,000	2,005	0,000	0,000	0,000	0,000	86,736	0,000	13,470	0,000	2,500	0,000	0,000	0,000	0,000	74,534	0,000	86,736	0,000	2,005	0,000	0,000	0,000	0,000	86,736	0,000	13,470	0,000	2,500	0,000	0,000	0,000	0,000	74,534	0,000	86,736	0,000	2,005	0,000	0,000	0,000	0,000	86,736	0,000	13,470	0,000	2,500	0,000	0,000	0,000	0,000	74,534	0,000	86,736	0,000	2,005	0,000	0,000	0,000	0,000	86,736	0,000	13,470	0,000	2,500	0,000	0,000	0,000	0,000	74,534	0,000	86,736	0,000	2,005	0,000	0,000	0,000
1.1.1.1	Реконструкция трансформаторных подстанций, всего, в том числе	Г	6,013	6,013	0,000	6,013	0,000	0,000	0,000	0,000	0,000	0,000	6,013	0,000	6,013	0,000	0,000	0,000	0,000	0,000	0,000	6,013	0,000	6,013	0,000	0,000	0,000	0,000	0,000	0,000	6,013	0,000	6,013	0,000	0,000	0,000	0,000	0,000	0,000	6,013	0,000	6,013	0,000	0,000	0,000	0,000	0,000	0,000	6,013	0,000	6,013	0,000	0,000	0,000	0,000	0,000	0,000	6,013	0,000	6,013	0,000	0,000	0,000	0,000	0,000	0,000	6,013	0,000	6,013	0,000	0,000	0,000	0,000	0,000	0,000	6,013	0,000	6,013	0,000	0,000	0,000	0,000	0,000	0,000	6,013	0,000	6,013	0,000	0,000	0,000	0,000	0,000	0,000	6,013	0,000	6,013	0,000	0,000	0,000	0,000	0,000
